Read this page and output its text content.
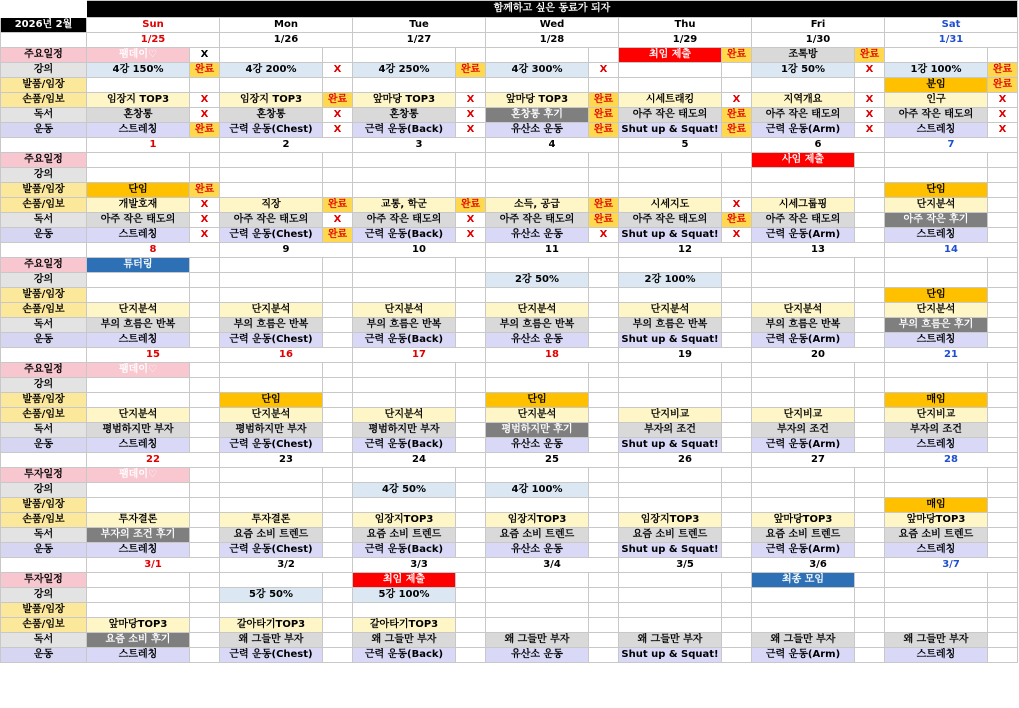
	함께하고 싶은 동료가 되자													
2026년 2월	Sun		Mon		Tue		Wed		Thu		Fri		Sat	
	1/25		1/26		1/27		1/28		1/29		1/30		1/31	
주요일정	팸데이♡	X							최임 제출	완료	조톡방	완료		
강의	4강 150%	완료	4강 200%	X	4강 250%	완료	4강 300%	X			1강 50%	X	1강 100%	완료
발품/임장													분임	완료
손품/임보	임장지 TOP3	X	임장지 TOP3	완료	앞마당 TOP3	X	앞마당 TOP3	완료	시세트래킹	X	지역개요	X	인구	X
독서	혼창통	X	혼창통	X	혼창통	X	혼창통 후기	완료	아주 작은 태도의	완료	아주 작은 태도의	X	아주 작은 태도의	X
운동	스트레칭	완료	근력 운동(Chest)	X	근력 운동(Back)	X	유산소 운동	완료	Shut up & Squat!	완료	근력 운동(Arm)	X	스트레칭	X
	1		2		3		4		5		6		7	
주요일정											사임 제출			
강의														
발품/임장	단임	완료											단임	
손품/임보	개발호재	X	직장	완료	교통, 학군	완료	소득, 공급	완료	시세지도	X	시세그룹핑		단지분석	
독서	아주 작은 태도의	X	아주 작은 태도의	X	아주 작은 태도의	X	아주 작은 태도의	완료	아주 작은 태도의	완료	아주 작은 태도의		아주 작은 후기	
운동	스트레칭	X	근력 운동(Chest)	완료	근력 운동(Back)	X	유산소 운동	X	Shut up & Squat!	X	근력 운동(Arm)		스트레칭	
	8		9		10		11		12		13		14	
주요일정	튜터링													
강의							2강 50%		2강 100%					
발품/임장													단임	
손품/임보	단지분석		단지분석		단지분석		단지분석		단지분석		단지분석		단지분석	
독서	부의 흐름은 반복		부의 흐름은 반복		부의 흐름은 반복		부의 흐름은 반복		부의 흐름은 반복		부의 흐름은 반복		부의 흐름은 후기	
운동	스트레칭		근력 운동(Chest)		근력 운동(Back)		유산소 운동		Shut up & Squat!		근력 운동(Arm)		스트레칭	
	15		16		17		18		19		20		21	
주요일정	팸데이♡													
강의														
발품/임장			단임				단임						매임	
손품/임보	단지분석		단지분석		단지분석		단지분석		단지비교		단지비교		단지비교	
독서	평범하지만 부자		평범하지만 부자		평범하지만 부자		평범하지만 후기		부자의 조건		부자의 조건		부자의 조건	
운동	스트레칭		근력 운동(Chest)		근력 운동(Back)		유산소 운동		Shut up & Squat!		근력 운동(Arm)		스트레칭	
	22		23		24		25		26		27		28	
투자일정	팸데이♡													
강의					4강 50%		4강 100%							
발품/임장													매임	
손품/임보	투자결론		투자결론		임장지TOP3		임장지TOP3		임장지TOP3		앞마당TOP3		앞마당TOP3	
독서	부자의 조건 후기		요즘 소비 트렌드		요즘 소비 트렌드		요즘 소비 트렌드		요즘 소비 트렌드		요즘 소비 트렌드		요즘 소비 트렌드	
운동	스트레칭		근력 운동(Chest)		근력 운동(Back)		유산소 운동		Shut up & Squat!		근력 운동(Arm)		스트레칭	
	3/1		3/2		3/3		3/4		3/5		3/6		3/7	
투자일정					최임 제출						최종 모임			
강의			5강 50%		5강 100%									
발품/임장														
손품/임보	앞마당TOP3		갈아타기TOP3		갈아타기TOP3									
독서	요즘 소비 후기		왜 그들만 부자		왜 그들만 부자		왜 그들만 부자		왜 그들만 부자		왜 그들만 부자		왜 그들만 부자	
운동	스트레칭		근력 운동(Chest)		근력 운동(Back)		유산소 운동		Shut up & Squat!		근력 운동(Arm)		스트레칭	
